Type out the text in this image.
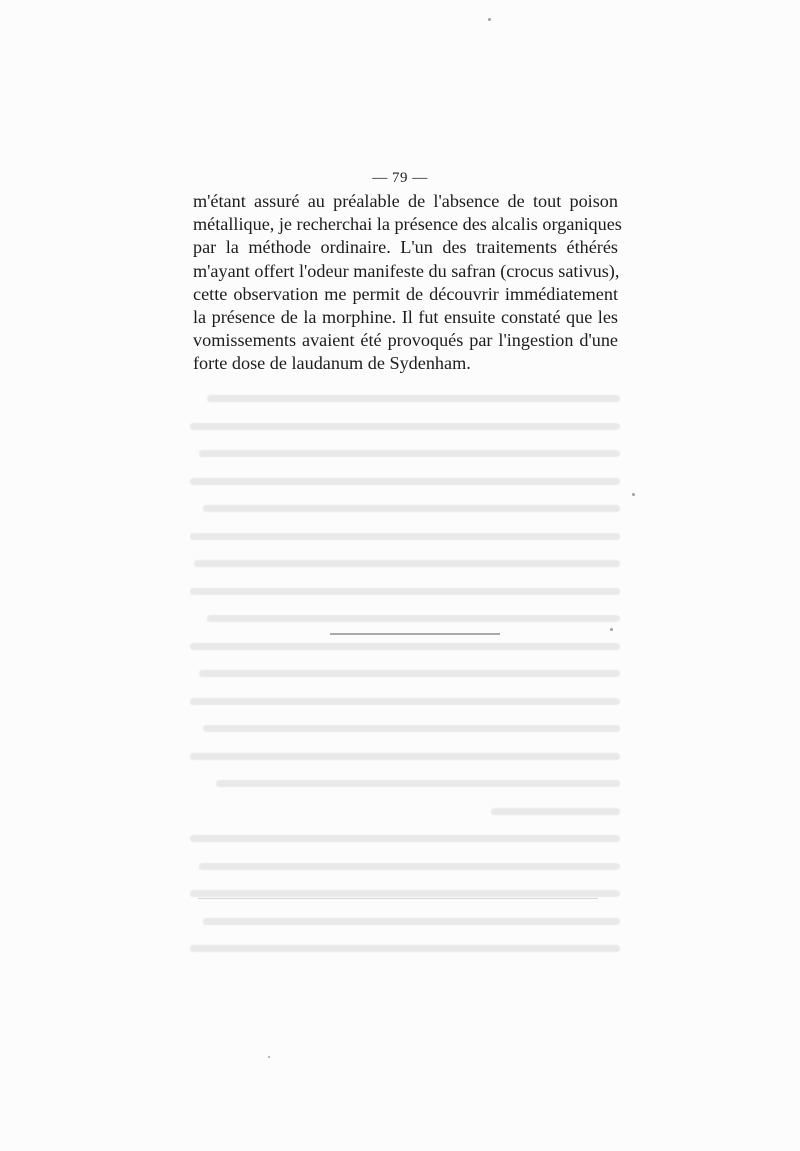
— 79 —
m'étant assuré au préalable de l'absence de tout poison
métallique, je recherchai la présence des alcalis organiques
par la méthode ordinaire. L'un des traitements éthérés
m'ayant offert l'odeur manifeste du safran (crocus sativus),
cette observation me permit de découvrir immédiatement
la présence de la morphine. Il fut ensuite constaté que les
vomissements avaient été provoqués par l'ingestion d'une
forte dose de laudanum de Sydenham.
